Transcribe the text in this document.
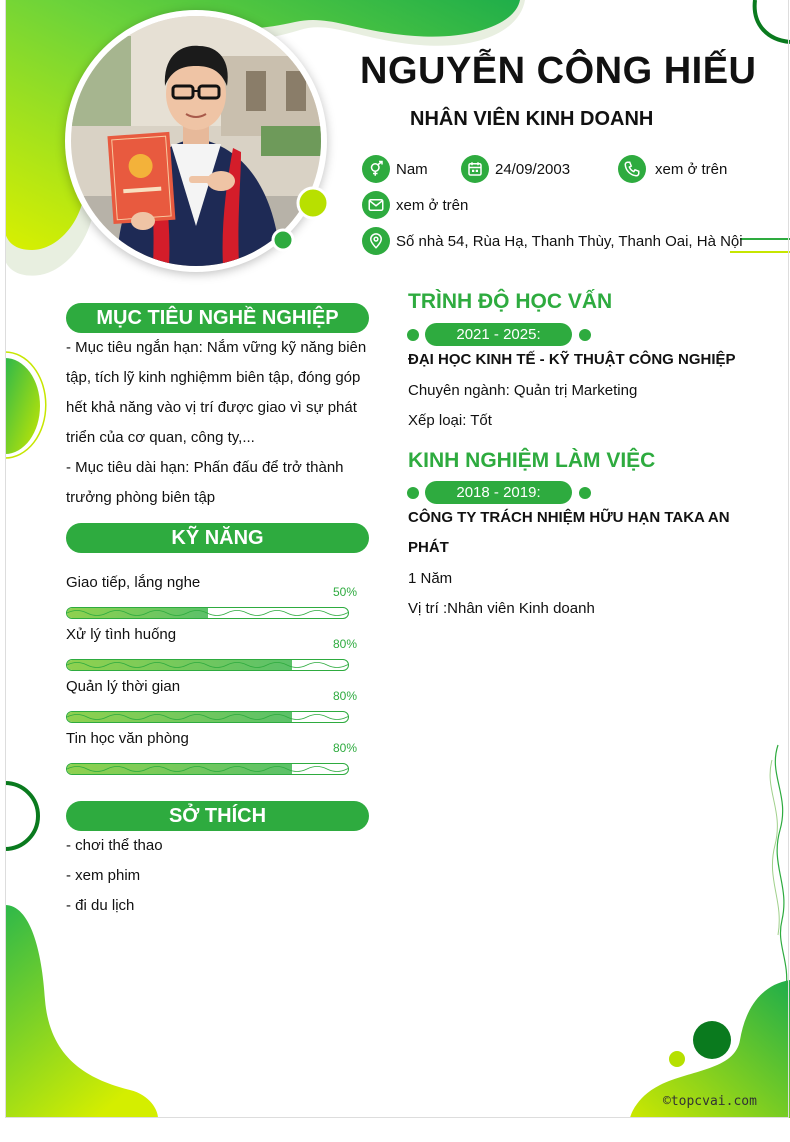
NGUYỄN CÔNG HIẾU
NHÂN VIÊN KINH DOANH
Nam	24/09/2003	xem ở trên
xem ở trên
Số nhà 54, Rùa Hạ, Thanh Thùy, Thanh Oai, Hà Nội
MỤC TIÊU NGHỀ NGHIỆP
- Mục tiêu ngắn hạn: Nắm vững kỹ năng biên tập, tích lỹ kinh nghiệmm biên tập, đóng góp hết khả năng vào vị trí được giao vì sự phát triển của cơ quan, công ty,...
- Mục tiêu dài hạn: Phấn đấu để trở thành trưởng phòng biên tập
KỸ NĂNG
Giao tiếp, lắng nghe
50%
Xử lý tình huống
80%
Quản lý thời gian
80%
Tin học văn phòng
80%
SỞ THÍCH
- chơi thể thao
- xem phim
- đi du lịch
TRÌNH ĐỘ HỌC VẤN
2021 - 2025:
ĐẠI HỌC KINH TẾ - KỸ THUẬT CÔNG NGHIỆP
Chuyên ngành: Quản trị Marketing
Xếp loại: Tốt
KINH NGHIỆM LÀM VIỆC
2018 - 2019:
CÔNG TY TRÁCH NHIỆM HỮU HẠN TAKA AN PHÁT
1 Năm
Vị trí :Nhân viên Kinh doanh
©topcvai.com
